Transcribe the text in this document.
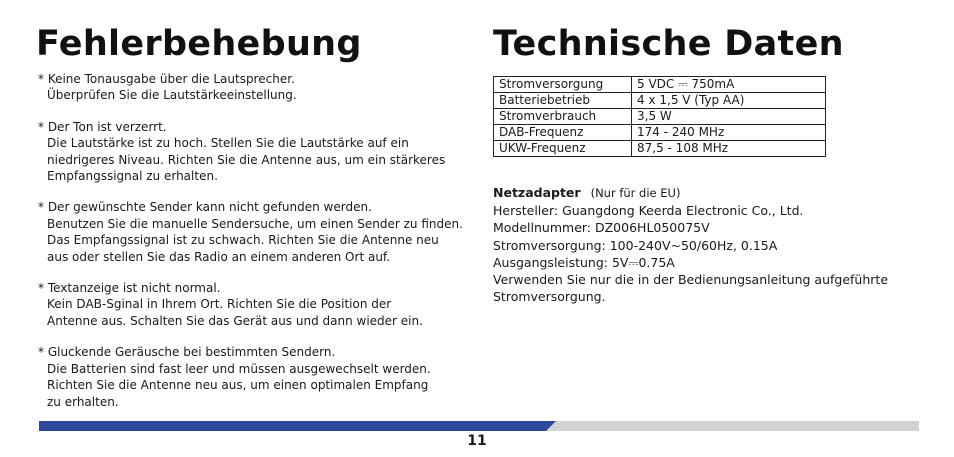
Fehlerbehebung	Technische Daten
* Keine Tonausgabe über die Lautsprecher.
Überprüfen Sie die Lautstärkeeinstellung.
* Der Ton ist verzerrt.
Die Lautstärke ist zu hoch. Stellen Sie die Lautstärke auf ein
niedrigeres Niveau. Richten Sie die Antenne aus, um ein stärkeres
Empfangssignal zu erhalten.
* Der gewünschte Sender kann nicht gefunden werden.
Benutzen Sie die manuelle Sendersuche, um einen Sender zu finden.
Das Empfangssignal ist zu schwach. Richten Sie die Antenne neu
aus oder stellen Sie das Radio an einem anderen Ort auf.
* Textanzeige ist nicht normal.
Kein DAB-Sginal in Ihrem Ort. Richten Sie die Position der
Antenne aus. Schalten Sie das Gerät aus und dann wieder ein.
* Gluckende Geräusche bei bestimmten Sendern.
Die Batterien sind fast leer und müssen ausgewechselt werden.
Richten Sie die Antenne neu aus, um einen optimalen Empfang
zu erhalten.
Stromversorgung	5 VDC ⎓ 750mA
Batteriebetrieb	4 x 1,5 V (Typ AA)
Stromverbrauch	3,5 W
DAB-Frequenz	174 - 240 MHz
UKW-Frequenz	87,5 - 108 MHz
Netzadapter (Nur für die EU)
Hersteller: Guangdong Keerda Electronic Co., Ltd.
Modellnummer: DZ006HL050075V
Stromversorgung: 100-240V~50/60Hz, 0.15A
Ausgangsleistung: 5V⎓0.75A
Verwenden Sie nur die in der Bedienungsanleitung aufgeführte Stromversorgung.
11
